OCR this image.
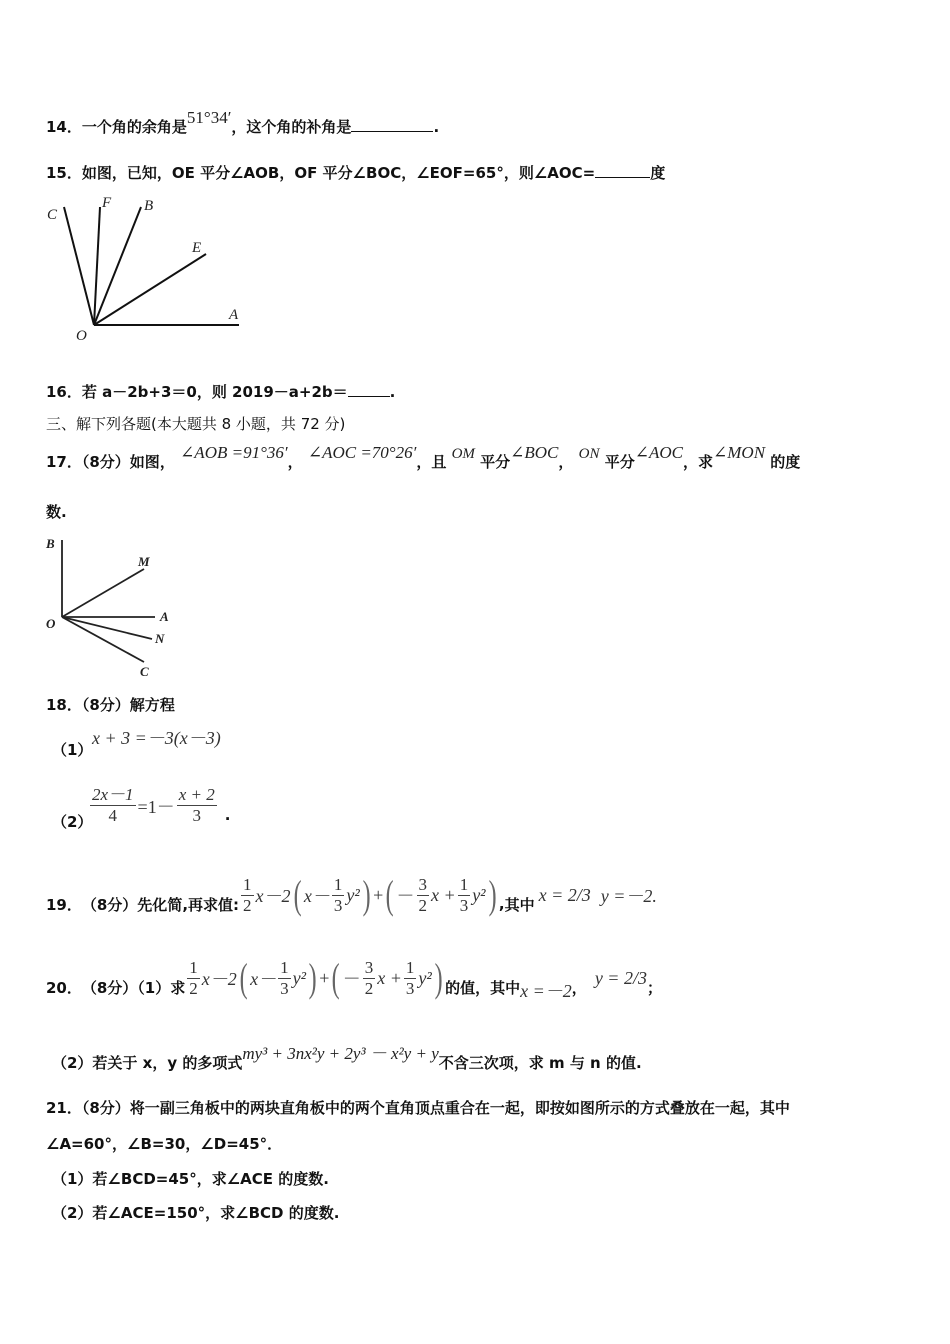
14．一个角的余角是51°34′，这个角的补角是	.
15．如图，已知，OE 平分∠AOB，OF 平分∠BOC，∠EOF=65°，则∠AOC=	度
C
F B
E
A
O
16．若 a－2b+3＝0，则 2019－a+2b＝	.
三、解下列各题(本大题共 8 小题，共 72 分)
17．（8分）如图， ∠AOB =91°36′， ∠AOC =70°26′，且 OM 平分∠BOC， ON 平分∠AOC，求∠MON 的度
数.
B
M
A
N
C
O
18．（8分）解方程
（1）
x + 3 =－3(x－3)
（2）
$\frac{2x-1}{4} =1- \frac{x + 2}{3}$ .
19． （8分）先化简,再求值: $\frac{1}{2} x-2$ ( $x- \frac{1}{3} y^2$ ) + ( － $\frac{3}{2}$ $x + \frac{1}{3} y^2$ ) , 其中 x = 2/3 y =－2.
20． （8分）（1）求 $\frac{1}{2} x-2$ ( $x- \frac{1}{3} y^2$ ) + ( － $\frac{3}{2}$ $x + \frac{1}{3} y^2$ ) 的值，其中 x =－2 ， y = 2/3 ；
（2）若关于 x，y 的多项式my³ + 3nx²y + 2y³ － x²y + y不含三次项，求 m 与 n 的值.
21．（8分）将一副三角板中的两块直角板中的两个直角顶点重合在一起，即按如图所示的方式叠放在一起，其中
∠A=60°，∠B=30，∠D=45°．
（1）若∠BCD=45°，求∠ACE 的度数.
（2）若∠ACE=150°，求∠BCD 的度数.
